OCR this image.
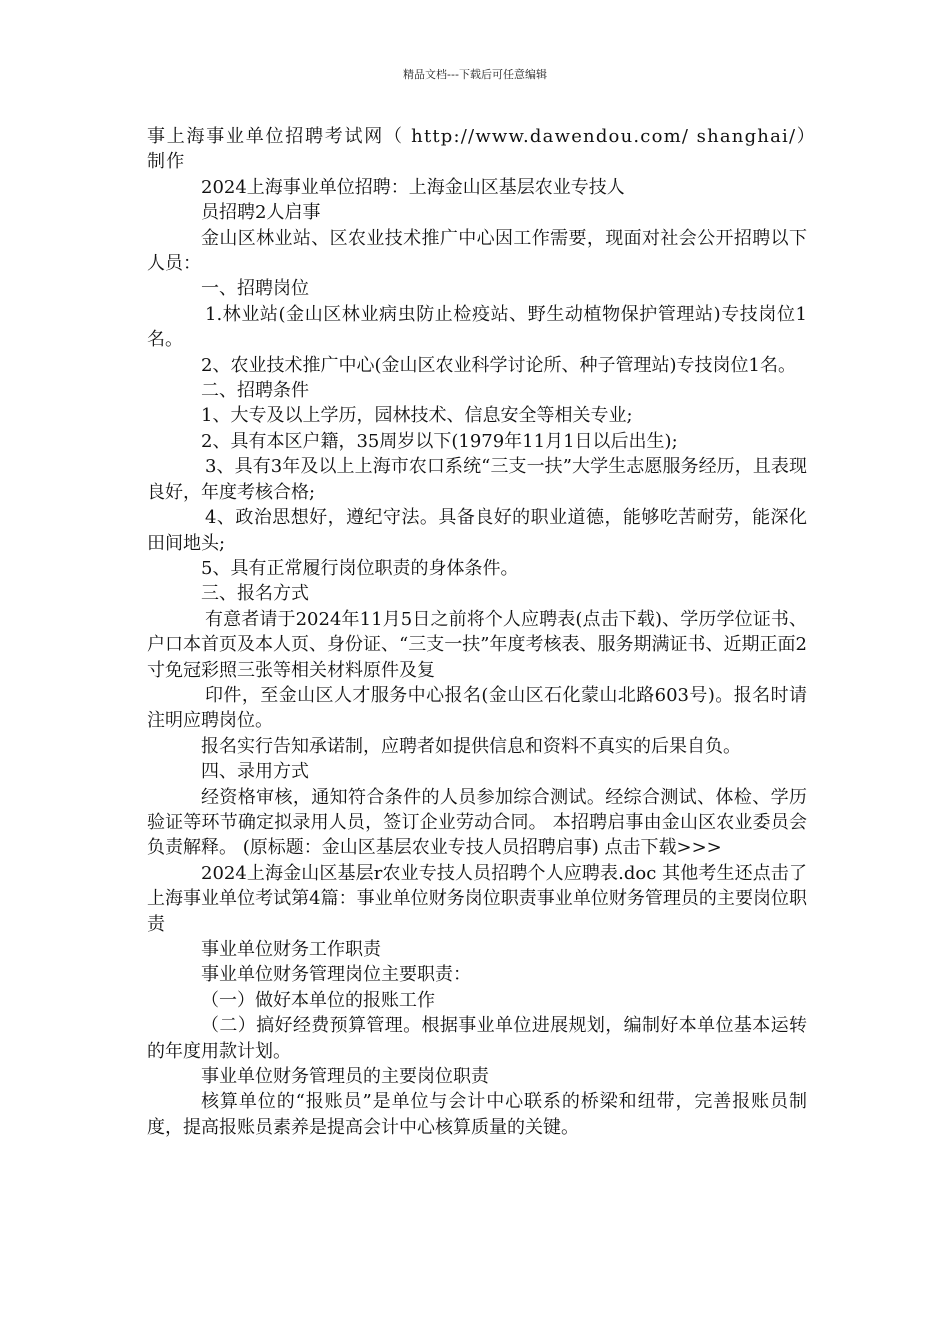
精品文档---下载后可任意编辑

事上海事业单位招聘考试网（ http://www.dawendou.com/ shanghai/）制作

2024上海事业单位招聘：上海金山区基层农业专技人

员招聘2人启事

金山区林业站、区农业技术推广中心因工作需要，现面对社会公开招聘以下人员：

一、招聘岗位

1.林业站(金山区林业病虫防止检疫站、野生动植物保护管理站)专技岗位1名。

2、农业技术推广中心(金山区农业科学讨论所、种子管理站)专技岗位1名。

二、招聘条件

1、大专及以上学历，园林技术、信息安全等相关专业;

2、具有本区户籍，35周岁以下(1979年11月1日以后出生);

3、具有3年及以上上海市农口系统“三支一扶”大学生志愿服务经历，且表现良好，年度考核合格;

4、政治思想好，遵纪守法。具备良好的职业道德，能够吃苦耐劳，能深化田间地头;

5、具有正常履行岗位职责的身体条件。

三、报名方式

有意者请于2024年11月5日之前将个人应聘表(点击下载)、学历学位证书、户口本首页及本人页、身份证、“三支一扶”年度考核表、服务期满证书、近期正面2寸免冠彩照三张等相关材料原件及复

印件，至金山区人才服务中心报名(金山区石化蒙山北路603号)。报名时请注明应聘岗位。

报名实行告知承诺制，应聘者如提供信息和资料不真实的后果自负。

四、录用方式

经资格审核，通知符合条件的人员参加综合测试。经综合测试、体检、学历验证等环节确定拟录用人员，签订企业劳动合同。 本招聘启事由金山区农业委员会负责解释。 (原标题：金山区基层农业专技人员招聘启事) 点击下载>>>

2024上海金山区基层r农业专技人员招聘个人应聘表.doc 其他考生还点击了上海事业单位考试第4篇：事业单位财务岗位职责事业单位财务管理员的主要岗位职责

事业单位财务工作职责

事业单位财务管理岗位主要职责：

（一）做好本单位的报账工作

（二）搞好经费预算管理。根据事业单位进展规划，编制好本单位基本运转的年度用款计划。

事业单位财务管理员的主要岗位职责

核算单位的“报账员”是单位与会计中心联系的桥梁和纽带，完善报账员制度，提高报账员素养是提高会计中心核算质量的关键。
